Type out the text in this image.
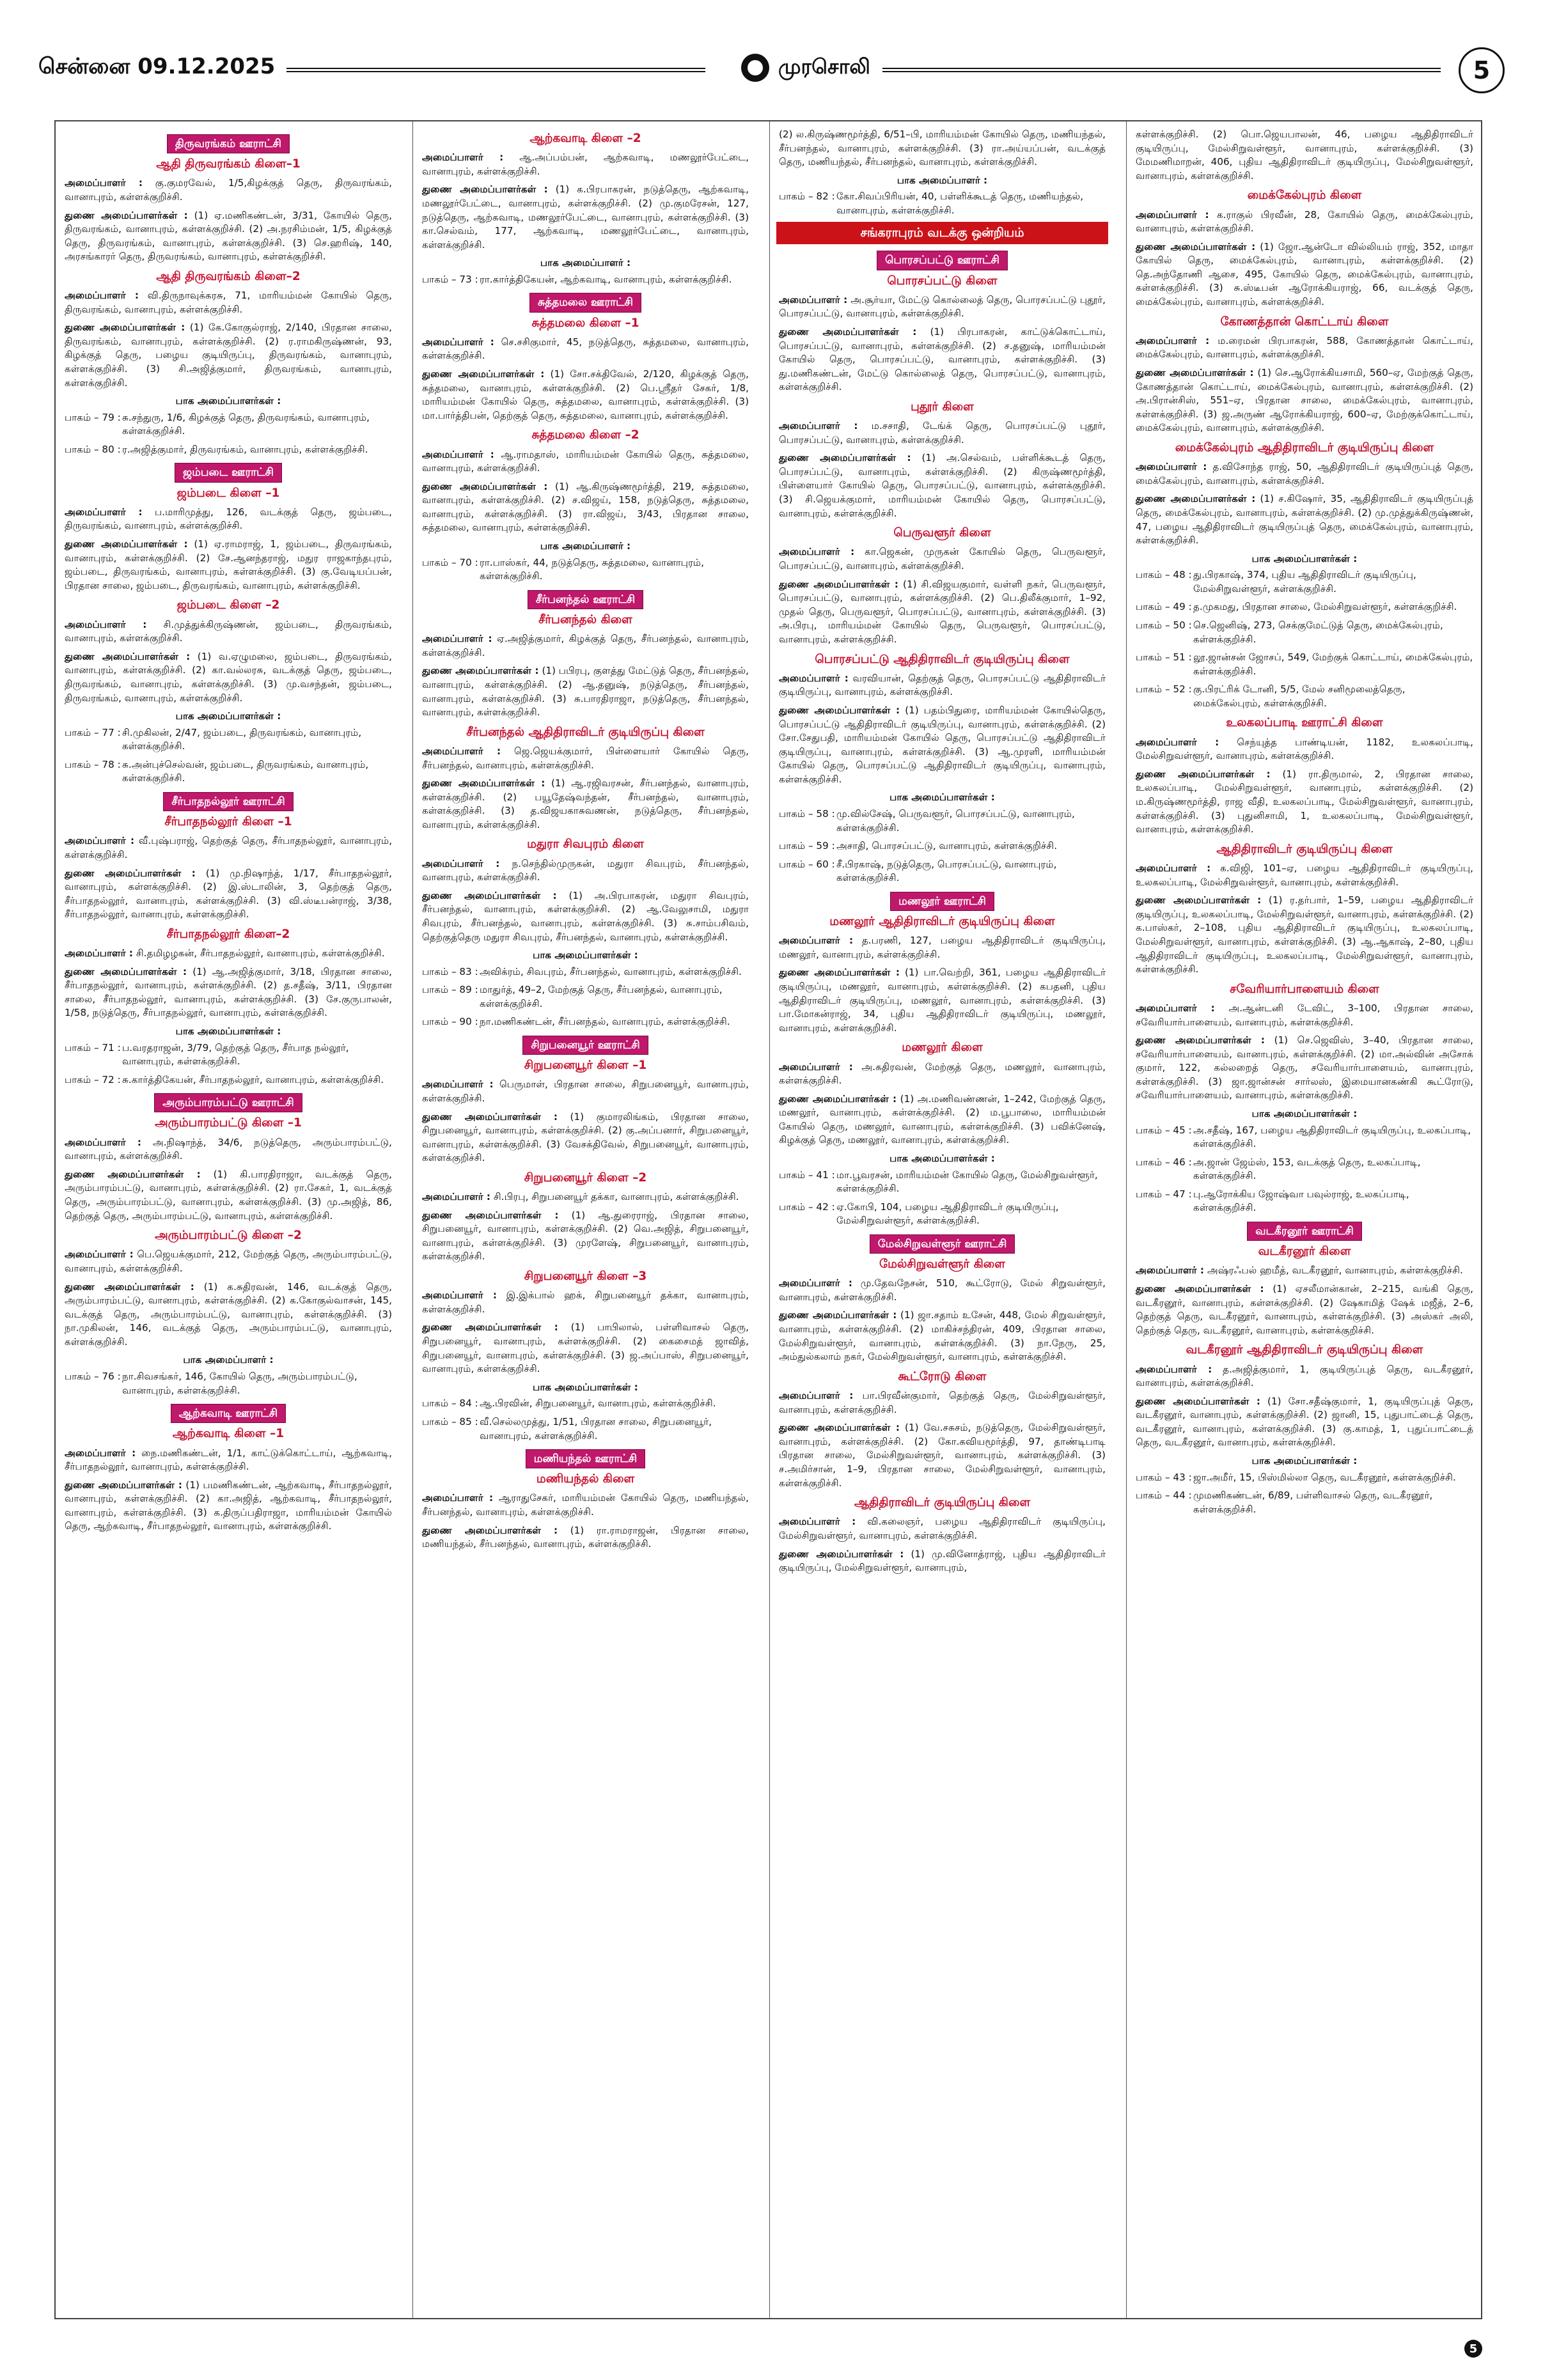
சென்னை 09.12.2025	முரசொலி	5
திருவரங்கம் ஊராட்சி
ஆதி திருவரங்கம் கிளை–1

அமைப்பாளர் : கு.குமரவேல், 1/5,கிழக்குத் தெரு, திருவரங்கம், வானாபுரம், கள்ளக்குறிச்சி.

துணை அமைப்பாளர்கள் : (1) ஏ.மணிகண்டன், 3/31, கோயில் தெரு, திருவரங்கம், வானாபுரம், கள்ளக்குறிச்சி. (2) அ.நரசிம்மன், 1/5, கிழக்குத் தெரு, திருவரங்கம், வானாபுரம், கள்ளக்குறிச்சி. (3) செ.ஹரிஷ், 140, அரசங்காரர் தெரு, திருவரங்கம், வானாபுரம், கள்ளக்குறிச்சி.

ஆதி திருவரங்கம் கிளை–2

அமைப்பாளர் : வி.திருநாவுக்கரசு, 71, மாரியம்மன் கோயில் தெரு, திருவரங்கம், வானாபுரம், கள்ளக்குறிச்சி.

துணை அமைப்பாளர்கள் : (1) கே.கோகுல்ராஜ், 2/140, பிரதான சாலை, திருவரங்கம், வானாபுரம், கள்ளக்குறிச்சி. (2) ர.ராமகிருஷ்ணன், 93, கிழக்குத் தெரு, பழைய குடியிருப்பு, திருவரங்கம், வானாபுரம், கள்ளக்குறிச்சி. (3) சி.அஜித்குமார், திருவரங்கம், வானாபுரம், கள்ளக்குறிச்சி.

பாக அமைப்பாளர்கள் :
பாகம் – 79 : சு.சந்துரு, 1/6, கிழக்குத் தெரு, திருவரங்கம், வானாபுரம், கள்ளக்குறிச்சி.
பாகம் – 80 : ர.அஜித்குமார், திருவரங்கம், வானாபுரம், கள்ளக்குறிச்சி.
ஜம்படை ஊராட்சி
ஜம்படை கிளை –1

அமைப்பாளர் : ப.மாரிமுத்து, 126, வடக்குத் தெரு, ஜம்படை, திருவரங்கம், வானாபுரம், கள்ளக்குறிச்சி.

துணை அமைப்பாளர்கள் : (1) ஏ.ராமராஜ், 1, ஜம்படை, திருவரங்கம், வானாபுரம், கள்ளக்குறிச்சி. (2) சே.ஆனந்தராஜ், மதுர ராஜகாந்தபுரம், ஜம்படை, திருவரங்கம், வானாபுரம், கள்ளக்குறிச்சி. (3) கு.வேடியப்பன், பிரதான சாலை, ஜம்படை, திருவரங்கம், வானாபுரம், கள்ளக்குறிச்சி.

ஜம்படை கிளை –2

அமைப்பாளர் : சி.முத்துக்கிருஷ்ணன், ஜம்படை, திருவரங்கம், வானாபுரம், கள்ளக்குறிச்சி.

துணை அமைப்பாளர்கள் : (1) வ.ஏழுமலை, ஜம்படை, திருவரங்கம், வானாபுரம், கள்ளக்குறிச்சி. (2) கா.வல்லரசு, வடக்குத் தெரு, ஜம்படை, திருவரங்கம், வானாபுரம், கள்ளக்குறிச்சி. (3) மு.வசந்தன், ஜம்படை, திருவரங்கம், வானாபுரம், கள்ளக்குறிச்சி.

பாக அமைப்பாளர்கள் :
பாகம் – 77 : சி.முகிலன், 2/47, ஜம்படை, திருவரங்கம், வானாபுரம், கள்ளக்குறிச்சி.
பாகம் – 78 : சு.அன்புச்செல்வன், ஜம்படை, திருவரங்கம், வானாபுரம், கள்ளக்குறிச்சி.
சீர்பாதநல்லூர் ஊராட்சி
சீர்பாதநல்லூர் கிளை –1

அமைப்பாளர் : வீ.புஷ்பராஜ், தெற்குத் தெரு, சீர்பாதநல்லூர், வானாபுரம், கள்ளக்குறிச்சி.

துணை அமைப்பாளர்கள் : (1) மு.நிஷாந்த், 1/17, சீர்பாதநல்லூர், வானாபுரம், கள்ளக்குறிச்சி. (2) இ.ஸ்டாலின், 3, தெற்குத் தெரு, சீர்பாதநல்லூர், வானாபுரம், கள்ளக்குறிச்சி. (3) வி.ஸ்டீபன்ராஜ், 3/38, சீர்பாதநல்லூர், வானாபுரம், கள்ளக்குறிச்சி.

சீர்பாதநல்லூர் கிளை–2

அமைப்பாளர் : சி.தமிழழகன், சீர்பாதநல்லூர், வானாபுரம், கள்ளக்குறிச்சி.

துணை அமைப்பாளர்கள் : (1) ஆ.அஜித்குமார், 3/18, பிரதான சாலை, சீர்பாதநல்லூர், வானாபுரம், கள்ளக்குறிச்சி. (2) த.சதீஷ், 3/11, பிரதான சாலை, சீர்பாதநல்லூர், வானாபுரம், கள்ளக்குறிச்சி. (3) சே.குருபாலன், 1/58, நடுத்தெரு, சீர்பாதநல்லூர், வானாபுரம், கள்ளக்குறிச்சி.

பாக அமைப்பாளர்கள் :
பாகம் – 71 : ப.வரதராஜன், 3/79, தெற்குத் தெரு, சீர்பாத நல்லூர், வானாபுரம், கள்ளக்குறிச்சி.
பாகம் – 72 : சு.கார்த்திகேயன், சீர்பாதநல்லூர், வானாபுரம், கள்ளக்குறிச்சி.
அரும்பாரம்பட்டு ஊராட்சி
அரும்பாரம்பட்டு கிளை –1

அமைப்பாளர் : அ.நிஷாந்த், 34/6, நடுத்தெரு, அரும்பாரம்பட்டு, வானாபுரம், கள்ளக்குறிச்சி.

துணை அமைப்பாளர்கள் : (1) கி.பாரதிராஜா, வடக்குத் தெரு, அரும்பாரம்பட்டு, வானாபுரம், கள்ளக்குறிச்சி. (2) ரா.சேகர், 1, வடக்குத் தெரு, அரும்பாரம்பட்டு, வானாபுரம், கள்ளக்குறிச்சி. (3) மு.அஜித், 86, தெற்குத் தெரு, அரும்பாரம்பட்டு, வானாபுரம், கள்ளக்குறிச்சி.

அரும்பாரம்பட்டு கிளை –2

அமைப்பாளர் : பெ.ஜெயக்குமார், 212, மேற்குத் தெரு, அரும்பாரம்பட்டு, வானாபுரம், கள்ளக்குறிச்சி.

துணை அமைப்பாளர்கள் : (1) க.சுதிரவன், 146, வடக்குத் தெரு, அரும்பாரம்பட்டு, வானாபுரம், கள்ளக்குறிச்சி. (2) க.கோகுல்வாசன், 145, வடக்குத் தெரு, அரும்பாரம்பட்டு, வானாபுரம், கள்ளக்குறிச்சி. (3) நா.முகிலன், 146, வடக்குத் தெரு, அரும்பாரம்பட்டு, வானாபுரம், கள்ளக்குறிச்சி.

பாக அமைப்பாளர் :
பாகம் – 76 : நா.சிவசங்கர், 146, கோயில் தெரு, அரும்பாரம்பட்டு, வானாபுரம், கள்ளக்குறிச்சி.
ஆற்கவாடி ஊராட்சி
ஆற்கவாடி கிளை –1

அமைப்பாளர் : நை.மணிகண்டன், 1/1, காட்டுக்கொட்டாய், ஆற்கவாடி, சீர்பாதநல்லூர், வானாபுரம், கள்ளக்குறிச்சி.

துணை அமைப்பாளர்கள் : (1) பமணிகண்டன், ஆற்கவாடி, சீர்பாதநல்லூர், வானாபுரம், கள்ளக்குறிச்சி. (2) கா.அஜித், ஆற்கவாடி, சீர்பாதநல்லூர், வானாபுரம், கள்ளக்குறிச்சி. (3) க.திருப்பதிராஜா, மாரியம்மன் கோயில் தெரு, ஆற்கவாடி, சீர்பாதநல்லூர், வானாபுரம், கள்ளக்குறிச்சி.

ஆற்கவாடி கிளை –2

அமைப்பாளர் : ஆ.அப்பம்பன், ஆற்கவாடி, மணலூர்பேட்டை, வானாபுரம், கள்ளக்குறிச்சி.

துணை அமைப்பாளர்கள் : (1) க.பிரபாகரன், நடுத்தெரு, ஆற்கவாடி, மணலூர்பேட்டை, வானாபுரம், கள்ளக்குறிச்சி. (2) மு.குமரேசன், 127, நடுத்தெரு, ஆற்கவாடி, மணலூர்பேட்டை, வானாபுரம், கள்ளக்குறிச்சி. (3) கா.செல்வம், 177, ஆற்கவாடி, மணலூர்பேட்டை, வானாபுரம், கள்ளக்குறிச்சி.

பாக அமைப்பாளர் :
பாகம் – 73 : ரா.கார்த்திகேயன், ஆற்கவாடி, வானாபுரம், கள்ளக்குறிச்சி.
சுத்தமலை ஊராட்சி
சுத்தமலை கிளை –1

அமைப்பாளர் : செ.சசிகுமார், 45, நடுத்தெரு, சுத்தமலை, வானாபுரம், கள்ளக்குறிச்சி.

துணை அமைப்பாளர்கள் : (1) சோ.சக்திவேல், 2/120, கிழக்குத் தெரு, சுத்தமலை, வானாபுரம், கள்ளக்குறிச்சி. (2) பெ.ஸ்ரீதர் சேகர், 1/8, மாரியம்மன் கோயில் தெரு, சுத்தமலை, வானாபுரம், கள்ளக்குறிச்சி. (3) மா.பார்த்திபன், தெற்குத் தெரு, சுத்தமலை, வானாபுரம், கள்ளக்குறிச்சி.

சுத்தமலை கிளை –2

அமைப்பாளர் : ஆ.ராமதாஸ், மாரியம்மன் கோயில் தெரு, சுத்தமலை, வானாபுரம், கள்ளக்குறிச்சி.

துணை அமைப்பாளர்கள் : (1) ஆ.கிருஷ்ணமூர்த்தி, 219, சுத்தமலை, வானாபுரம், கள்ளக்குறிச்சி. (2) ச.விஜய், 158, நடுத்தெரு, சுத்தமலை, வானாபுரம், கள்ளக்குறிச்சி. (3) ரா.விஜய், 3/43, பிரதான சாலை, சுத்தமலை, வானாபுரம், கள்ளக்குறிச்சி.

பாக அமைப்பாளர் :
பாகம் – 70 : ரா.பாஸ்கர், 44, நடுத்தெரு, சுத்தமலை, வானாபுரம், கள்ளக்குறிச்சி.
சீர்பனந்தல் ஊராட்சி
சீர்பனந்தல் கிளை

அமைப்பாளர் : ஏ.அஜித்குமார், கிழக்குத் தெரு, சீர்பனந்தல், வானாபுரம், கள்ளக்குறிச்சி.

துணை அமைப்பாளர்கள் : (1) பபிரபு, குளத்து மேட்டுத் தெரு, சீர்பனந்தல், வானாபுரம், கள்ளக்குறிச்சி. (2) ஆ.தனுஷ், நடுத்தெரு, சீர்பனந்தல், வானாபுரம், கள்ளக்குறிச்சி. (3) சு.பாரதிராஜா, நடுத்தெரு, சீர்பனந்தல், வானாபுரம், கள்ளக்குறிச்சி.

சீர்பனந்தல் ஆதிதிராவிடர் குடியிருப்பு கிளை

அமைப்பாளர் : ஜெ.ஜெயக்குமார், பிள்ளையார் கோயில் தெரு, சீர்பனந்தல், வானாபுரம், கள்ளக்குறிச்சி.

துணை அமைப்பாளர்கள் : (1) ஆ.ரஜிவரசன், சீர்பனந்தல், வானாபுரம், கள்ளக்குறிச்சி. (2) பயூதேஷ்வந்தன், சீர்பனந்தல், வானாபுரம், கள்ளக்குறிச்சி. (3) த.விஜயகாசுவணன், நடுத்தெரு, சீர்பனந்தல், வானாபுரம், கள்ளக்குறிச்சி.

மதுரா சிவபுரம் கிளை

அமைப்பாளர் : ந.செந்தில்முருகன், மதுரா சிவபுரம், சீர்பனந்தல், வானாபுரம், கள்ளக்குறிச்சி.

துணை அமைப்பாளர்கள் : (1) அ.பிரபாகரன், மதுரா சிவபுரம், சீர்பனந்தல், வானாபுரம், கள்ளக்குறிச்சி. (2) ஆ.வேலுசாமி, மதுரா சிவபுரம், சீர்பனந்தல், வானாபுரம், கள்ளக்குறிச்சி. (3) சு.சாம்பசிவம், தெற்குத்தெரு மதுரா சிவபுரம், சீர்பனந்தல், வானாபுரம், கள்ளக்குறிச்சி.

பாக அமைப்பாளர்கள் :
பாகம் – 83 : அவிக்ரம், சிவபுரம், சீர்பனந்தல், வானாபுரம், கள்ளக்குறிச்சி.
பாகம் – 89 : மாதுர்த், 49–2, மேற்குத் தெரு, சீர்பனந்தல், வானாபுரம், கள்ளக்குறிச்சி.
பாகம் – 90 : நா.மணிகண்டன், சீர்பனந்தல், வானாபுரம், கள்ளக்குறிச்சி.
சிறுபனையூர் ஊராட்சி
சிறுபனையூர் கிளை –1

அமைப்பாளர் : பெருமாள், பிரதான சாலை, சிறுபனையூர், வானாபுரம், கள்ளக்குறிச்சி.

துணை அமைப்பாளர்கள் : (1) குமாரலிங்கம், பிரதான சாலை, சிறுபனையூர், வானாபுரம், கள்ளக்குறிச்சி. (2) கு.அப்பனார், சிறுபனையூர், வானாபுரம், கள்ளக்குறிச்சி. (3) வேசக்திவேல், சிறுபனையூர், வானாபுரம், கள்ளக்குறிச்சி.

சிறுபனையூர் கிளை –2

அமைப்பாளர் : சி.பிரபு, சிறுபனையூர் தக்கா, வானாபுரம், கள்ளக்குறிச்சி.

துணை அமைப்பாளர்கள் : (1) ஆ.துரைராஜ், பிரதான சாலை, சிறுபனையூர், வானாபுரம், கள்ளக்குறிச்சி. (2) வெ.அஜித், சிறுபனையூர், வானாபுரம், கள்ளக்குறிச்சி. (3) முரளேஷ், சிறுபனையூர், வானாபுரம், கள்ளக்குறிச்சி.

சிறுபனையூர் கிளை –3

அமைப்பாளர் : இ.இக்பால் ஹக், சிறுபனையூர் தக்கா, வானாபுரம், கள்ளக்குறிச்சி.

துணை அமைப்பாளர்கள் : (1) பாபிலால், பள்ளிவாசல் தெரு, சிறுபனையூர், வானாபுரம், கள்ளக்குறிச்சி. (2) கைசைமத் ஜாவித், சிறுபனையூர், வானாபுரம், கள்ளக்குறிச்சி. (3) ஜ.அப்பாஸ், சிறுபனையூர், வானாபுரம், கள்ளக்குறிச்சி.

பாக அமைப்பாளர்கள் :
பாகம் – 84 : ஆ.பிரவின், சிறுபனையூர், வானாபுரம், கள்ளக்குறிச்சி.
பாகம் – 85 : வீ.செல்லமுத்து, 1/51, பிரதான சாலை, சிறுபனையூர், வானாபுரம், கள்ளக்குறிச்சி.
மணியந்தல் ஊராட்சி
மணியந்தல் கிளை

அமைப்பாளர் : ஆராதுசேகர், மாரியம்மன் கோயில் தெரு, மணியந்தல், சீர்பனந்தல், வானாபுரம், கள்ளக்குறிச்சி.

துணை அமைப்பாளர்கள் : (1) ரா.ராமராஜன், பிரதான சாலை, மணியந்தல், சீர்பனந்தல், வானாபுரம், கள்ளக்குறிச்சி.

(2) ல.கிருஷ்ணமூர்த்தி, 6/51–பி, மாரியம்மன் கோயில் தெரு, மணியந்தல், சீர்பனந்தல், வானாபுரம், கள்ளக்குறிச்சி. (3) ரா.அய்யப்பன், வடக்குத் தெரு, மணியந்தல், சீர்பனந்தல், வானாபுரம், கள்ளக்குறிச்சி.

பாக அமைப்பாளர் :
பாகம் – 82 : கோ.சிவப்பிரியன், 40, பள்ளிக்கூடத் தெரு, மணியந்தல், வானாபுரம், கள்ளக்குறிச்சி.
சங்கராபுரம் வடக்கு ஒன்றியம்
பொரசப்பட்டு ஊராட்சி
பொரசப்பட்டு கிளை

அமைப்பாளர் : அ.சூர்யா, மேட்டு கொல்லைத் தெரு, பொரசப்பட்டு புதூர், பொரசப்பட்டு, வானாபுரம், கள்ளக்குறிச்சி.

துணை அமைப்பாளர்கள் : (1) பிரபாகரன், காட்டுக்கொட்டாய், பொரசப்பட்டு, வானாபுரம், கள்ளக்குறிச்சி. (2) ச.தனுஷ், மாரியம்மன் கோயில் தெரு, பொரசப்பட்டு, வானாபுரம், கள்ளக்குறிச்சி. (3) து.மணிகண்டன், மேட்டு கொல்லைத் தெரு, பொரசப்பட்டு, வானாபுரம், கள்ளக்குறிச்சி.

புதூர் கிளை

அமைப்பாளர் : ம.சசாதி, டேங்க் தெரு, பொரசப்பட்டு புதூர், பொரசப்பட்டு, வானாபுரம், கள்ளக்குறிச்சி.

துணை அமைப்பாளர்கள் : (1) அ.செல்வம், பள்ளிக்கூடத் தெரு, பொரசப்பட்டு, வானாபுரம், கள்ளக்குறிச்சி. (2) கிருஷ்ணமூர்த்தி, பிள்ளையார் கோயில் தெரு, பொரசப்பட்டு, வானாபுரம், கள்ளக்குறிச்சி. (3) சி.ஜெயக்குமார், மாரியம்மன் கோயில் தெரு, பொரசப்பட்டு, வானாபுரம், கள்ளக்குறிச்சி.

பெருவளூர் கிளை

அமைப்பாளர் : கா.ஜெகன், முருகன் கோயில் தெரு, பெருவளூர், பொரசப்பட்டு, வானாபுரம், கள்ளக்குறிச்சி.

துணை அமைப்பாளர்கள் : (1) சி.விஜயகுமார், வள்ளி நகர், பெருவளூர், பொரசப்பட்டு, வானாபுரம், கள்ளக்குறிச்சி. (2) பெ.திலீக்குமார், 1–92, முதல் தெரு, பெருவளூர், பொரசப்பட்டு, வானாபுரம், கள்ளக்குறிச்சி. (3) அ.பிரபு, மாரியம்மன் கோயில் தெரு, பெருவளூர், பொரசப்பட்டு, வானாபுரம், கள்ளக்குறிச்சி.

பொரசப்பட்டு ஆதிதிராவிடர் குடியிருப்பு கிளை

அமைப்பாளர் : வரவியான், தெற்குத் தெரு, பொரசப்பட்டு ஆதிதிராவிடர் குடியிருப்பு, வானாபுரம், கள்ளக்குறிச்சி.

துணை அமைப்பாளர்கள் : (1) பதம்பிதுரை, மாரியம்மன் கோயில்தெரு, பொரசப்பட்டு ஆதிதிராவிடர் குடியிருப்பு, வானாபுரம், கள்ளக்குறிச்சி. (2) சோ.சேதுபதி, மாரியம்மன் கோயில் தெரு, பொரசப்பட்டு ஆதிதிராவிடர் குடியிருப்பு, வானாபுரம், கள்ளக்குறிச்சி. (3) ஆ.முரளி, மாரியம்மன் கோயில் தெரு, பொரசப்பட்டு ஆதிதிராவிடர் குடியிருப்பு, வானாபுரம், கள்ளக்குறிச்சி.

பாக அமைப்பாளர்கள் :
பாகம் – 58 : மு.வில்சேஷ், பெருவளூர், பொரசப்பட்டு, வானாபுரம், கள்ளக்குறிச்சி.
பாகம் – 59 : அசாதி, பொரசப்பட்டு, வானாபுரம், கள்ளக்குறிச்சி.
பாகம் – 60 : சீ.பிரகாஷ், நடுத்தெரு, பொரசப்பட்டு, வானாபுரம், கள்ளக்குறிச்சி.
மணலூர் ஊராட்சி
மணலூர் ஆதிதிராவிடர் குடியிருப்பு கிளை

அமைப்பாளர் : த.பரணி, 127, பழைய ஆதிதிராவிடர் குடியிருப்பு, மணலூர், வானாபுரம், கள்ளக்குறிச்சி.

துணை அமைப்பாளர்கள் : (1) பா.வெற்றி, 361, பழைய ஆதிதிராவிடர் குடியிருப்பு, மணலூர், வானாபுரம், கள்ளக்குறிச்சி. (2) கபதனி, புதிய ஆதிதிராவிடர் குடியிருப்பு, மணலூர், வானாபுரம், கள்ளக்குறிச்சி. (3) பா.மோகன்ராஜ், 34, புதிய ஆதிதிராவிடர் குடியிருப்பு, மணலூர், வானாபுரம், கள்ளக்குறிச்சி.

மணலூர் கிளை

அமைப்பாளர் : அ.கதிரவன், மேற்குத் தெரு, மணலூர், வானாபுரம், கள்ளக்குறிச்சி.

துணை அமைப்பாளர்கள் : (1) அ.மணிவண்ணன், 1–242, மேற்குத் தெரு, மணலூர், வானாபுரம், கள்ளக்குறிச்சி. (2) ம.பூபாலை, மாரியம்மன் கோயில் தெரு, மணலூர், வானாபுரம், கள்ளக்குறிச்சி. (3) பவிக்னேஷ், கிழக்குத் தெரு, மணலூர், வானாபுரம், கள்ளக்குறிச்சி.

பாக அமைப்பாளர்கள் :
பாகம் – 41 : மா.பூவரசன், மாரியம்மன் கோயில் தெரு, மேல்சிறுவள்ளூர், கள்ளக்குறிச்சி.
பாகம் – 42 : ஏ.கோபி, 104, பழைய ஆதிதிராவிடர் குடியிருப்பு, மேல்சிறுவள்ளூர், கள்ளக்குறிச்சி.
மேல்சிறுவள்ளூர் ஊராட்சி
மேல்சிறுவள்ளூர் கிளை

அமைப்பாளர் : மு.தேவநேசன், 510, கூட்ரோடு, மேல் சிறுவள்ளூர், வானாபுரம், கள்ளக்குறிச்சி.

துணை அமைப்பாளர்கள் : (1) ஜா.சதாம் உசேன், 448, மேல் சிறுவள்ளூர், வானாபுரம், கள்ளக்குறிச்சி. (2) மாகிச்சந்திரன், 409, பிரதான சாலை, மேல்சிறுவள்ளூர், வானாபுரம், கள்ளக்குறிச்சி. (3) நா.நேரு, 25, அம்துல்கலாம் நகர், மேல்சிறுவள்ளூர், வானாபுரம், கள்ளக்குறிச்சி.

கூட்ரோடு கிளை

அமைப்பாளர் : பா.பிரவீன்குமார், தெற்குத் தெரு, மேல்சிறுவள்ளூர், வானாபுரம், கள்ளக்குறிச்சி.

துணை அமைப்பாளர்கள் : (1) வே.சசுசம், நடுத்தெரு, மேல்சிறுவள்ளூர், வானாபுரம், கள்ளக்குறிச்சி. (2) கோ.கவியமூர்த்தி, 97, தாண்டிபாடி பிரதான சாலை, மேல்சிறுவள்ளூர், வானாபுரம், கள்ளக்குறிச்சி. (3) ச.அமிர்சான், 1–9, பிரதான சாலை, மேல்சிறுவள்ளூர், வானாபுரம், கள்ளக்குறிச்சி.

ஆதிதிராவிடர் குடியிருப்பு கிளை

அமைப்பாளர் : வி.கலைஞர், பழைய ஆதிதிராவிடர் குடியிருப்பு, மேல்சிறுவள்ளூர், வானாபுரம், கள்ளக்குறிச்சி.

துணை அமைப்பாளர்கள் : (1) மு.வினோத்ராஜ், புதிய ஆதிதிராவிடர் குடியிருப்பு, மேல்சிறுவள்ளூர், வானாபுரம்,

கள்ளக்குறிச்சி. (2) பொ.ஜெயபாலன், 46, பழைய ஆதிதிராவிடர் குடியிருப்பு, மேல்சிறுவள்ளூர், வானாபுரம், கள்ளக்குறிச்சி. (3) மேமணிமாறன், 406, புதிய ஆதிதிராவிடர் குடியிருப்பு, மேல்சிறுவள்ளூர், வானாபுரம், கள்ளக்குறிச்சி.

மைக்கேல்புரம் கிளை

அமைப்பாளர் : க.ராகுல் பிரவீன், 28, கோயில் தெரு, மைக்கேல்புரம், வானாபுரம், கள்ளக்குறிச்சி.

துணை அமைப்பாளர்கள் : (1) ஜோ.ஆன்டோ வில்லியம் ராஜ், 352, மாதா கோயில் தெரு, மைக்கேல்புரம், வானாபுரம், கள்ளக்குறிச்சி. (2) தெ.அந்தோணி ஆசை, 495, கோயில் தெரு, மைக்கேல்புரம், வானாபுரம், கள்ளக்குறிச்சி. (3) சு.ஸ்டீபன் ஆரோக்கியராஜ், 66, வடக்குத் தெரு, மைக்கேல்புரம், வானாபுரம், கள்ளக்குறிச்சி.

கோணத்தான் கொட்டாய் கிளை

அமைப்பாளர் : ம.ரைமன் பிரபாகரன், 588, கோணத்தான் கொட்டாய், மைக்கேல்புரம், வானாபுரம், கள்ளக்குறிச்சி.

துணை அமைப்பாளர்கள் : (1) செ.ஆரோக்கியசாமி, 560–ஏ, மேற்குத் தெரு, கோணத்தான் கொட்டாய், மைக்கேல்புரம், வானாபுரம், கள்ளக்குறிச்சி. (2) அ.பிரான்சிஸ், 551–ஏ, பிரதான சாலை, மைக்கேல்புரம், வானாபுரம், கள்ளக்குறிச்சி. (3) ஜ.அருண் ஆரோக்கியராஜ், 600–ஏ, மேற்குக்கொட்டாய், மைக்கேல்புரம், வானாபுரம், கள்ளக்குறிச்சி.

மைக்கேல்புரம் ஆதிதிராவிடர் குடியிருப்பு கிளை

அமைப்பாளர் : த.விசோந்த ராஜ், 50, ஆதிதிராவிடர் குடியிருப்புத் தெரு, மைக்கேல்புரம், வானாபுரம், கள்ளக்குறிச்சி.

துணை அமைப்பாளர்கள் : (1) ச.கிஷோர், 35, ஆதிதிராவிடர் குடியிருப்புத் தெரு, மைக்கேல்புரம், வானாபுரம், கள்ளக்குறிச்சி. (2) மு.முத்துக்கிருஷ்ணன், 47, பழைய ஆதிதிராவிடர் குடியிருப்புத் தெரு, மைக்கேல்புரம், வானாபுரம், கள்ளக்குறிச்சி.

பாக அமைப்பாளர்கள் :
பாகம் – 48 : து.பிரகாஷ், 374, புதிய ஆதிதிராவிடர் குடியிருப்பு, மேல்சிறுவள்ளூர், கள்ளக்குறிச்சி.
பாகம் – 49 : த.முகமது, பிரதான சாலை, மேல்சிறுவள்ளூர், கள்ளக்குறிச்சி.
பாகம் – 50 : செ.ஜெனிஷ், 273, செக்குமேட்டுத் தெரு, மைக்கேல்புரம், கள்ளக்குறிச்சி.
பாகம் – 51 : லூ.ஜான்சன் ஜோசப், 549, மேற்குக் கொட்டாய், மைக்கேல்புரம், கள்ளக்குறிச்சி.
பாகம் – 52 : கு.பிரட்ரிக் டோனி, 5/5, மேல் சனிமூலைத்தெரு, மைக்கேல்புரம், கள்ளக்குறிச்சி.
உலகலப்பாடி ஊராட்சி கிளை

அமைப்பாளர் : செந்யுத்த பாண்டியன், 1182, உலகலப்பாடி, மேல்சிறுவள்ளூர், வானாபுரம், கள்ளக்குறிச்சி.

துணை அமைப்பாளர்கள் : (1) ரா.திருமால், 2, பிரதான சாலை, உலகலப்பாடி, மேல்சிறுவள்ளூர், வானாபுரம், கள்ளக்குறிச்சி. (2) ம.கிருஷ்ணமூர்த்தி, ராஜ வீதி, உலகலப்பாடி, மேல்சிறுவள்ளூர், வானாபுரம், கள்ளக்குறிச்சி. (3) புதுனிசாமி, 1, உலகலப்பாடி, மேல்சிறுவள்ளூர், வானாபுரம், கள்ளக்குறிச்சி.

ஆதிதிராவிடர் குடியிருப்பு கிளை

அமைப்பாளர் : க.விஜி, 101–ஏ, பழைய ஆதிதிராவிடர் குடியிருப்பு, உலகலப்பாடி, மேல்சிறுவள்ளூர், வானாபுரம், கள்ளக்குறிச்சி.

துணை அமைப்பாளர்கள் : (1) ர.தர்பார், 1–59, பழைய ஆதிதிராவிடர் குடியிருப்பு, உலகலப்பாடி, மேல்சிறுவள்ளூர், வானாபுரம், கள்ளக்குறிச்சி. (2) க.பாஸ்கர், 2–108, புதிய ஆதிதிராவிடர் குடியிருப்பு, உலகலப்பாடி, மேல்சிறுவள்ளூர், வானாபுரம், கள்ளக்குறிச்சி. (3) ஆ.ஆகாஷ், 2–80, புதிய ஆதிதிராவிடர் குடியிருப்பு, உலகலப்பாடி, மேல்சிறுவள்ளூர், வானாபுரம், கள்ளக்குறிச்சி.

சவேரியார்பாளையம் கிளை

அமைப்பாளர் : அ.ஆன்டனி டேவிட், 3–100, பிரதான சாலை, சவேரியார்பாளையம், வானாபுரம், கள்ளக்குறிச்சி.

துணை அமைப்பாளர்கள் : (1) செ.ஜெவிஸ், 3–40, பிரதான சாலை, சவேரியார்பாளையம், வானாபுரம், கள்ளக்குறிச்சி. (2) மா.அல்வின் அசோக் குமார், 122, கல்லறைத் தெரு, சவேரியார்பாளையம், வானாபுரம், கள்ளக்குறிச்சி. (3) ஜா.ஜான்சன் சார்லஸ், இமையானகண்கி கூட்ரோடு, சவேரியார்பாளையம், வானாபுரம், கள்ளக்குறிச்சி.

பாக அமைப்பாளர்கள் :
பாகம் – 45 : அ.சதீஷ், 167, பழைய ஆதிதிராவிடர் குடியிருப்பு, உலகப்பாடி, கள்ளக்குறிச்சி.
பாகம் – 46 : அ.ஜான் ஜேம்ஸ், 153, வடக்குத் தெரு, உலகப்பாடி, கள்ளக்குறிச்சி.
பாகம் – 47 : பு.ஆரோக்கிய ஜோஷ்வா பவுல்ராஜ், உலகப்பாடி, கள்ளக்குறிச்சி.
வடகீரனூர் ஊராட்சி
வடகீரனூர் கிளை

அமைப்பாளர் : அஷ்ரஃபல் ஹமீத், வடகீரனூர், வானாபுரம், கள்ளக்குறிச்சி.

துணை அமைப்பாளர்கள் : (1) ஏசலீமான்கான், 2–215, வங்கி தெரு, வடகீரனூர், வானாபுரம், கள்ளக்குறிச்சி. (2) ஷேகாமித் ஷேக் மஜீத், 2–6, தெற்குத் தெரு, வடகீரனூர், வானாபுரம், கள்ளக்குறிச்சி. (3) அஸ்கர் அலி, தெற்குத் தெரு, வடகீரனூர், வானாபுரம், கள்ளக்குறிச்சி.

வடகீரனூர் ஆதிதிராவிடர் குடியிருப்பு கிளை

அமைப்பாளர் : த.அஜித்குமார், 1, குடியிருப்புத் தெரு, வடகீரனூர், வானாபுரம், கள்ளக்குறிச்சி.

துணை அமைப்பாளர்கள் : (1) சோ.சதீஷ்குமார், 1, குடியிருப்புத் தெரு, வடகீரனூர், வானாபுரம், கள்ளக்குறிச்சி. (2) ஜானி, 15, புதுபாட்டைத் தெரு, வடகீரனூர், வானாபுரம், கள்ளக்குறிச்சி. (3) கு.காமத், 1, புதுப்பாட்டைத் தெரு, வடகீரனூர், வானாபுரம், கள்ளக்குறிச்சி.

பாக அமைப்பாளர்கள் :
பாகம் – 43 : ஜா.அமீர், 15, பிஸ்மில்லா தெரு, வடகீரனூர், கள்ளக்குறிச்சி.
பாகம் – 44 : முமணிகண்டன், 6/89, பள்ளிவாசல் தெரு, வடகீரனூர், கள்ளக்குறிச்சி.
5
